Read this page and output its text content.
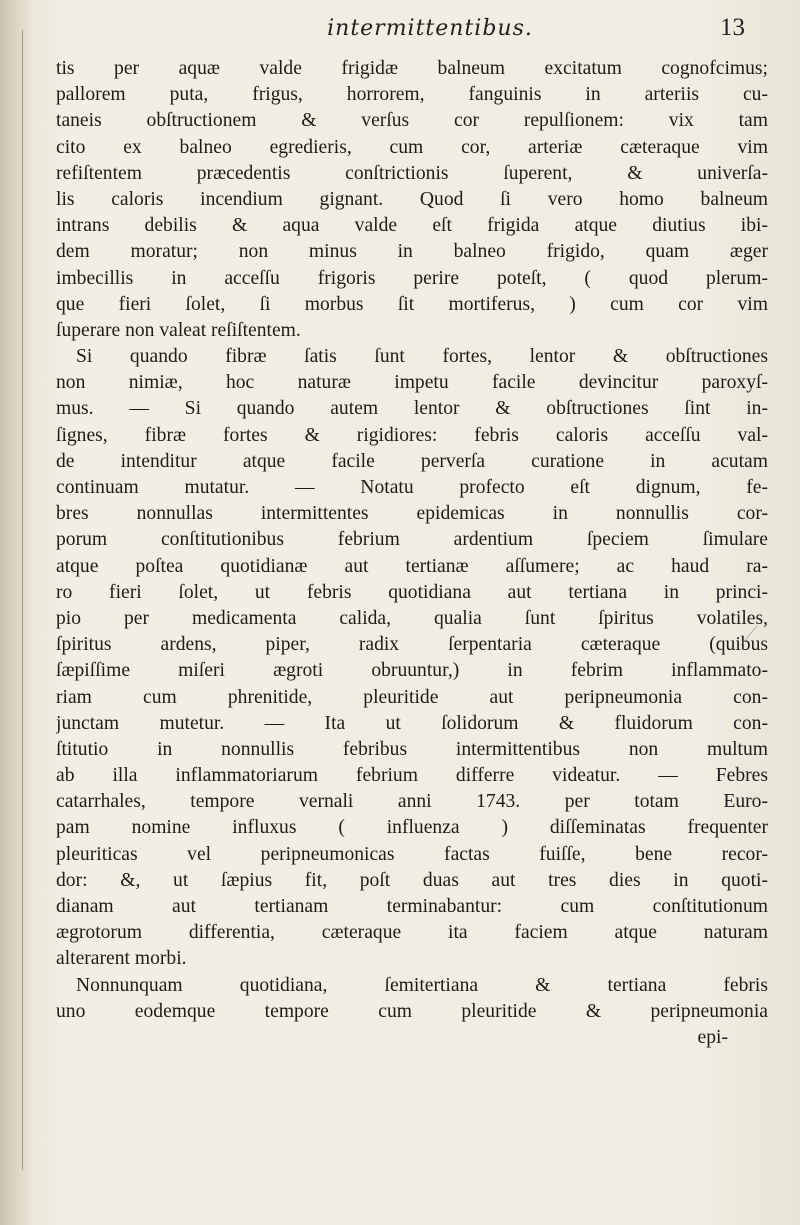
intermittentibus.	13
tis per aquæ valde frigidæ balneum excitatum cognofcimus;
pallorem puta, frigus, horrorem, fanguinis in arteriis cu-
taneis obſtructionem & verſus cor repulſionem: vix tam
cito ex balneo egredieris, cum cor, arteriæ cæteraque vim
refiſtentem præcedentis conſtrictionis ſuperent, & univerſa-
lis caloris incendium gignant. Quod ſi vero homo balneum
intrans debilis & aqua valde eſt frigida atque diutius ibi-
dem moratur; non minus in balneo frigido, quam æger
imbecillis in acceſſu frigoris perire poteſt, ( quod plerum-
que fieri ſolet, ſi morbus ſit mortiferus, ) cum cor vim
ſuperare non valeat reſiſtentem.
Si quando fibræ ſatis ſunt fortes, lentor & obſtructiones
non nimiæ, hoc naturæ impetu facile devincitur paroxyſ-
mus. — Si quando autem lentor & obſtructiones ſint in-
ſignes, fibræ fortes & rigidiores: febris caloris acceſſu val-
de intenditur atque facile perverſa curatione in acutam
continuam mutatur. — Notatu profecto eſt dignum, fe-
bres nonnullas intermittentes epidemicas in nonnullis cor-
porum conſtitutionibus febrium ardentium ſpeciem ſimulare
atque poſtea quotidianæ aut tertianæ aſſumere; ac haud ra-
ro fieri ſolet, ut febris quotidiana aut tertiana in princi-
pio per medicamenta calida, qualia ſunt ſpiritus volatiles,
ſpiritus ardens, piper, radix ſerpentaria cæteraque (quibus
ſæpiſſime miſeri ægroti obruuntur,) in febrim inflammato-
riam cum phrenitide, pleuritide aut peripneumonia con-
junctam mutetur. — Ita ut ſolidorum & fluidorum con-
ſtitutio in nonnullis febribus intermittentibus non multum
ab illa inflammatoriarum febrium differre videatur. — Febres
catarrhales, tempore vernali anni 1743. per totam Euro-
pam nomine influxus ( influenza ) diſſeminatas frequenter
pleuriticas vel peripneumonicas factas fuiſſe, bene recor-
dor: &, ut ſæpius fit, poſt duas aut tres dies in quoti-
dianam aut tertianam terminabantur: cum conſtitutionum
ægrotorum differentia, cæteraque ita faciem atque naturam
alterarent morbi.
Nonnunquam quotidiana, ſemitertiana & tertiana febris
uno eodemque tempore cum pleuritide & peripneumonia
epi-
